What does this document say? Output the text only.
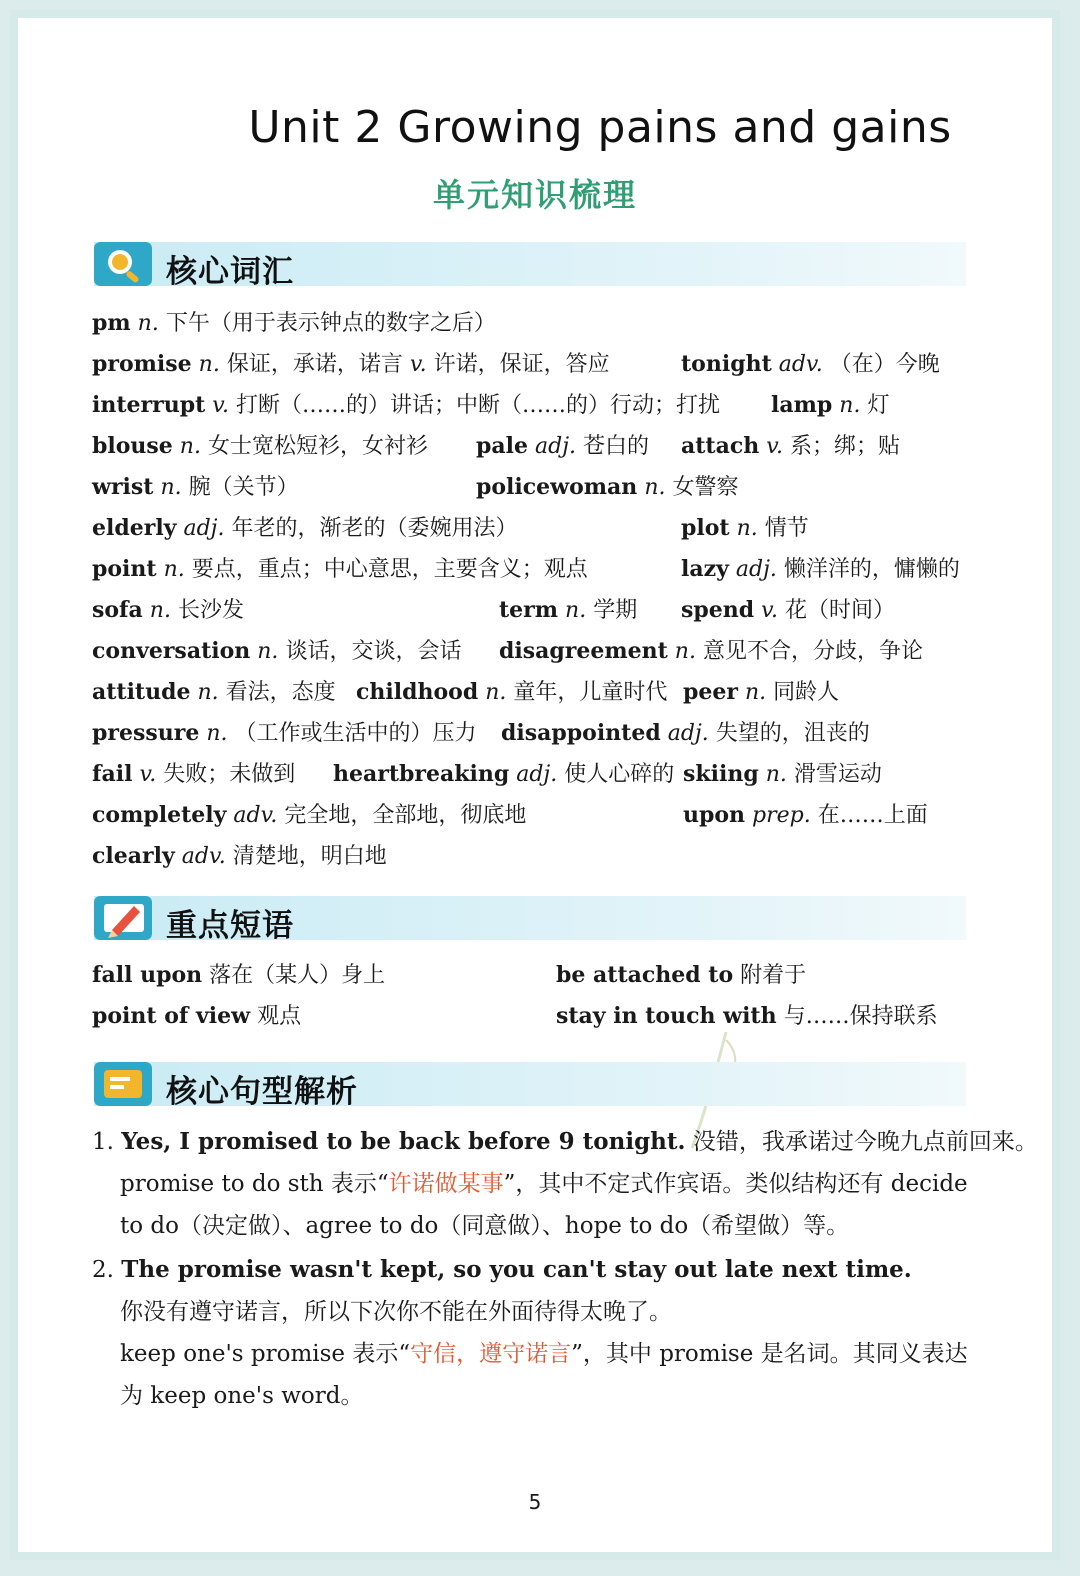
Unit 2 Growing pains and gains
单元知识梳理
核心词汇
pm n. 下午（用于表示钟点的数字之后）
promise n. 保证，承诺，诺言 v. 许诺，保证，答应	tonight adv. （在）今晚
interrupt v. 打断（……的）讲话；中断（……的）行动；打扰 lamp n. 灯
blouse n. 女士宽松短衫，女衬衫 pale adj. 苍白的 attach v. 系；绑；贴
wrist n. 腕（关节）	policewoman n. 女警察
elderly adj. 年老的，渐老的（委婉用法）	plot n. 情节
point n. 要点，重点；中心意思，主要含义；观点	lazy adj. 懒洋洋的，慵懒的
sofa n. 长沙发	term n. 学期 spend v. 花（时间）
conversation n. 谈话，交谈，会话 disagreement n. 意见不合，分歧，争论
attitude n. 看法，态度 childhood n. 童年，儿童时代 peer n. 同龄人
pressure n. （工作或生活中的）压力 disappointed adj. 失望的，沮丧的
fail v. 失败；未做到 heartbreaking adj. 使人心碎的 skiing n. 滑雪运动
completely adv. 完全地，全部地，彻底地	upon prep. 在……上面
clearly adv. 清楚地，明白地
重点短语
fall upon 落在（某人）身上	be attached to 附着于
point of view 观点	stay in touch with 与……保持联系
核心句型解析
1. Yes, I promised to be back before 9 tonight. 没错，我承诺过今晚九点前回来。
promise to do sth 表示“许诺做某事”，其中不定式作宾语。类似结构还有 decide
to do（决定做）、agree to do（同意做）、hope to do（希望做）等。
2. The promise wasn't kept, so you can't stay out late next time.
你没有遵守诺言，所以下次你不能在外面待得太晚了。
keep one's promise 表示“守信，遵守诺言”，其中 promise 是名词。其同义表达
为 keep one's word。
5
